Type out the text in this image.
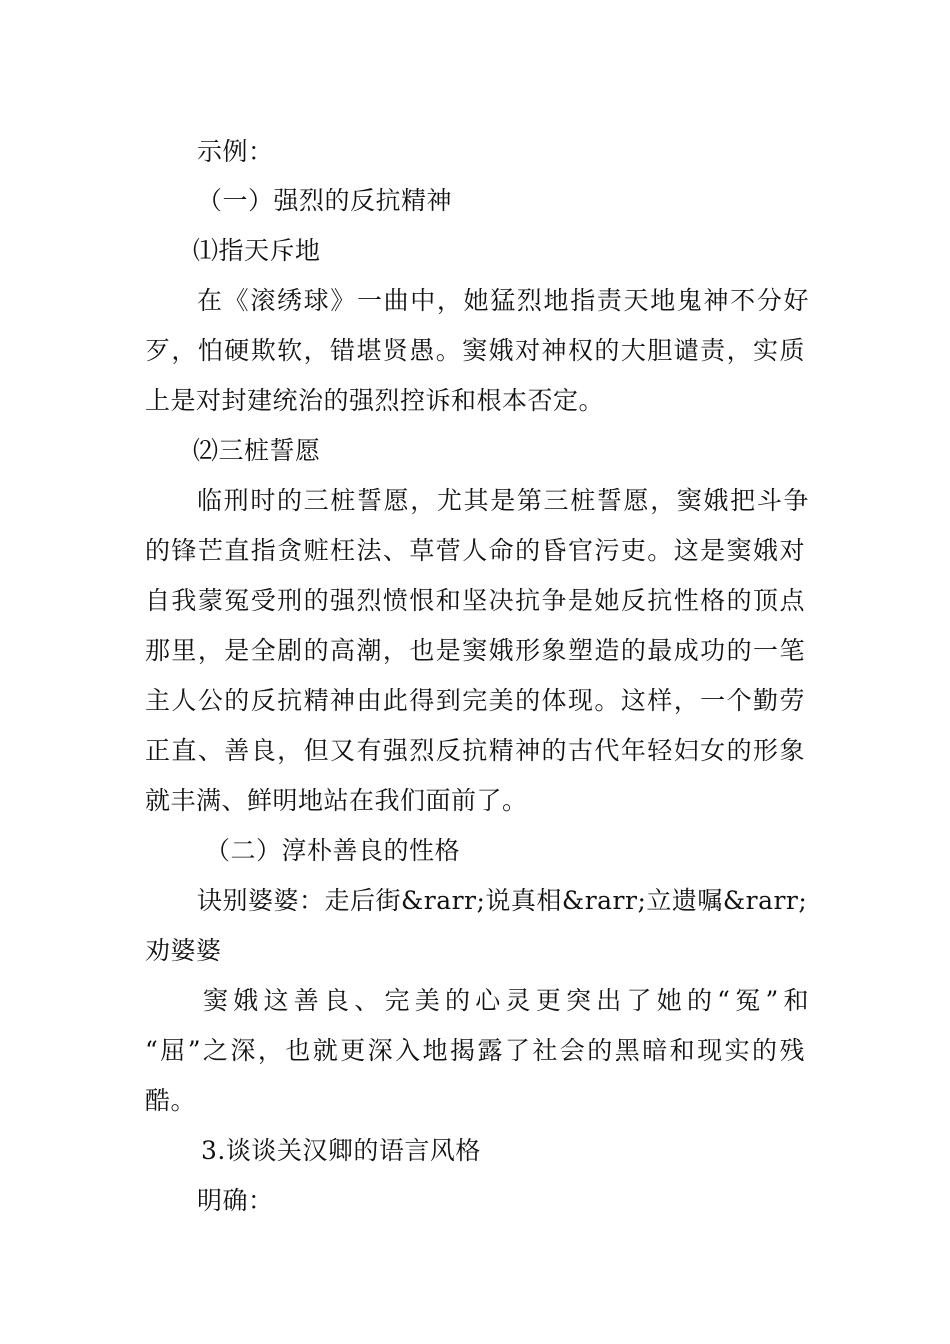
示例：
（一）强烈的反抗精神
⑴指天斥地
在《滚绣球》一曲中，她猛烈地指责天地鬼神不分好
歹，怕硬欺软，错堪贤愚。窦娥对神权的大胆谴责，实质
上是对封建统治的强烈控诉和根本否定。
⑵三桩誓愿
临刑时的三桩誓愿，尤其是第三桩誓愿，窦娥把斗争
的锋芒直指贪赃枉法、草菅人命的昏官污吏。这是窦娥对
自我蒙冤受刑的强烈愤恨和坚决抗争是她反抗性格的顶点
那里，是全剧的高潮，也是窦娥形象塑造的最成功的一笔
主人公的反抗精神由此得到完美的体现。这样，一个勤劳
正直、善良，但又有强烈反抗精神的古代年轻妇女的形象
就丰满、鲜明地站在我们面前了。
（二）淳朴善良的性格
诀别婆婆：走后街&rarr;说真相&rarr;立遗嘱&rarr;
劝婆婆
窦娥这善良、完美的心灵更突出了她的“冤”和
“屈”之深，也就更深入地揭露了社会的黑暗和现实的残
酷。
3.谈谈关汉卿的语言风格
明确：
